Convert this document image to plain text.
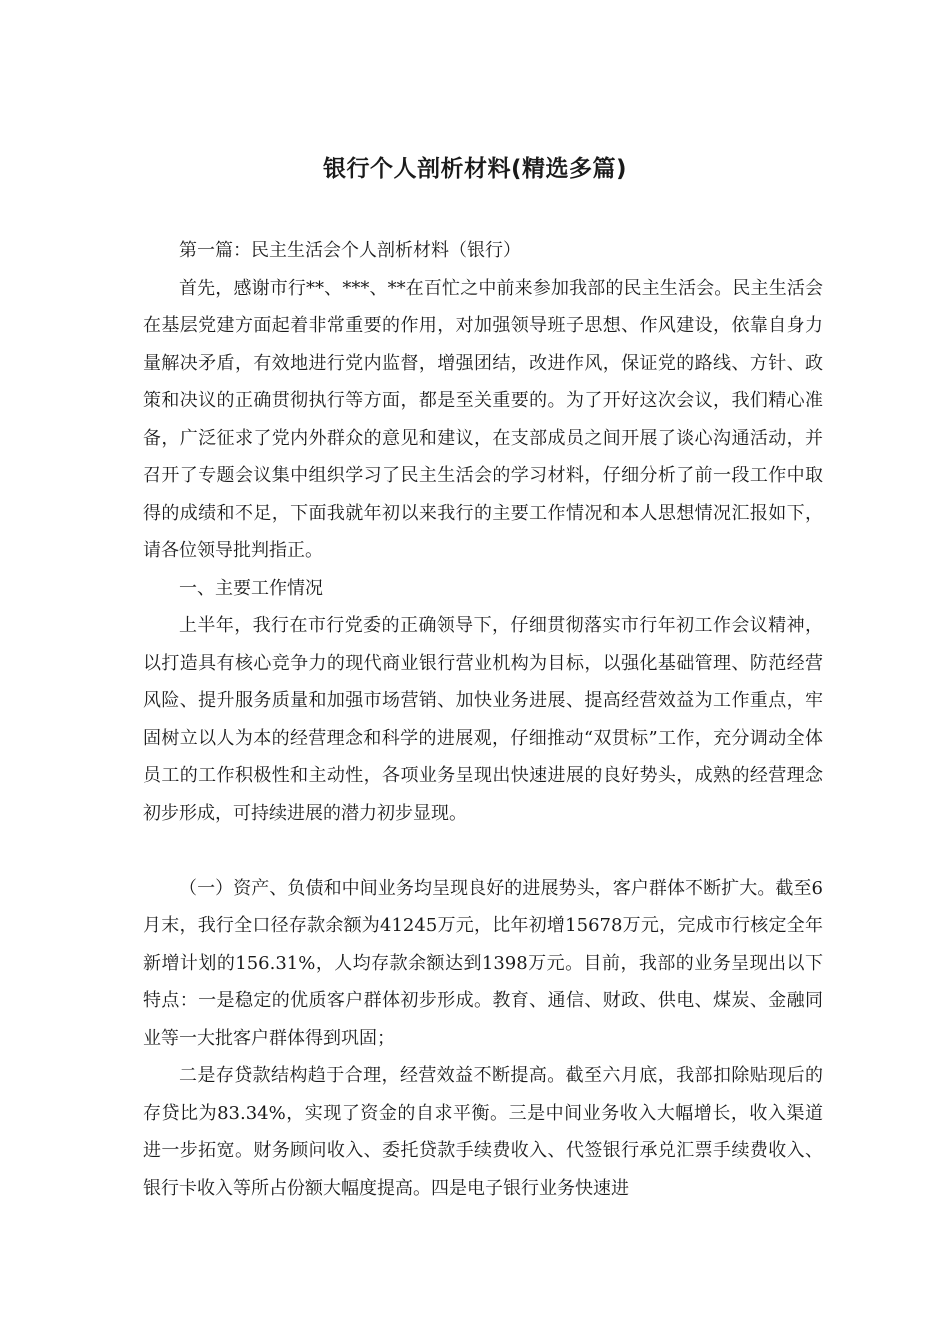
银行个人剖析材料(精选多篇)

第一篇：民主生活会个人剖析材料（银行）

首先，感谢市行**、***、**在百忙之中前来参加我部的民主生活会。民主生活会在基层党建方面起着非常重要的作用，对加强领导班子思想、作风建设，依靠自身力量解决矛盾，有效地进行党内监督，增强团结，改进作风，保证党的路线、方针、政策和决议的正确贯彻执行等方面，都是至关重要的。为了开好这次会议，我们精心准备，广泛征求了党内外群众的意见和建议，在支部成员之间开展了谈心沟通活动，并召开了专题会议集中组织学习了民主生活会的学习材料，仔细分析了前一段工作中取得的成绩和不足，下面我就年初以来我行的主要工作情况和本人思想情况汇报如下，请各位领导批判指正。

一、主要工作情况

上半年，我行在市行党委的正确领导下，仔细贯彻落实市行年初工作会议精神，以打造具有核心竞争力的现代商业银行营业机构为目标，以强化基础管理、防范经营风险、提升服务质量和加强市场营销、加快业务进展、提高经营效益为工作重点，牢固树立以人为本的经营理念和科学的进展观，仔细推动“双贯标”工作，充分调动全体员工的工作积极性和主动性，各项业务呈现出快速进展的良好势头，成熟的经营理念初步形成，可持续进展的潜力初步显现。

（一）资产、负债和中间业务均呈现良好的进展势头，客户群体不断扩大。截至6月末，我行全口径存款余额为41245万元，比年初增15678万元，完成市行核定全年新增计划的156.31%，人均存款余额达到1398万元。目前，我部的业务呈现出以下特点：一是稳定的优质客户群体初步形成。教育、通信、财政、供电、煤炭、金融同业等一大批客户群体得到巩固；

二是存贷款结构趋于合理，经营效益不断提高。截至六月底，我部扣除贴现后的存贷比为83.34%，实现了资金的自求平衡。三是中间业务收入大幅增长，收入渠道进一步拓宽。财务顾问收入、委托贷款手续费收入、代签银行承兑汇票手续费收入、银行卡收入等所占份额大幅度提高。四是电子银行业务快速进
